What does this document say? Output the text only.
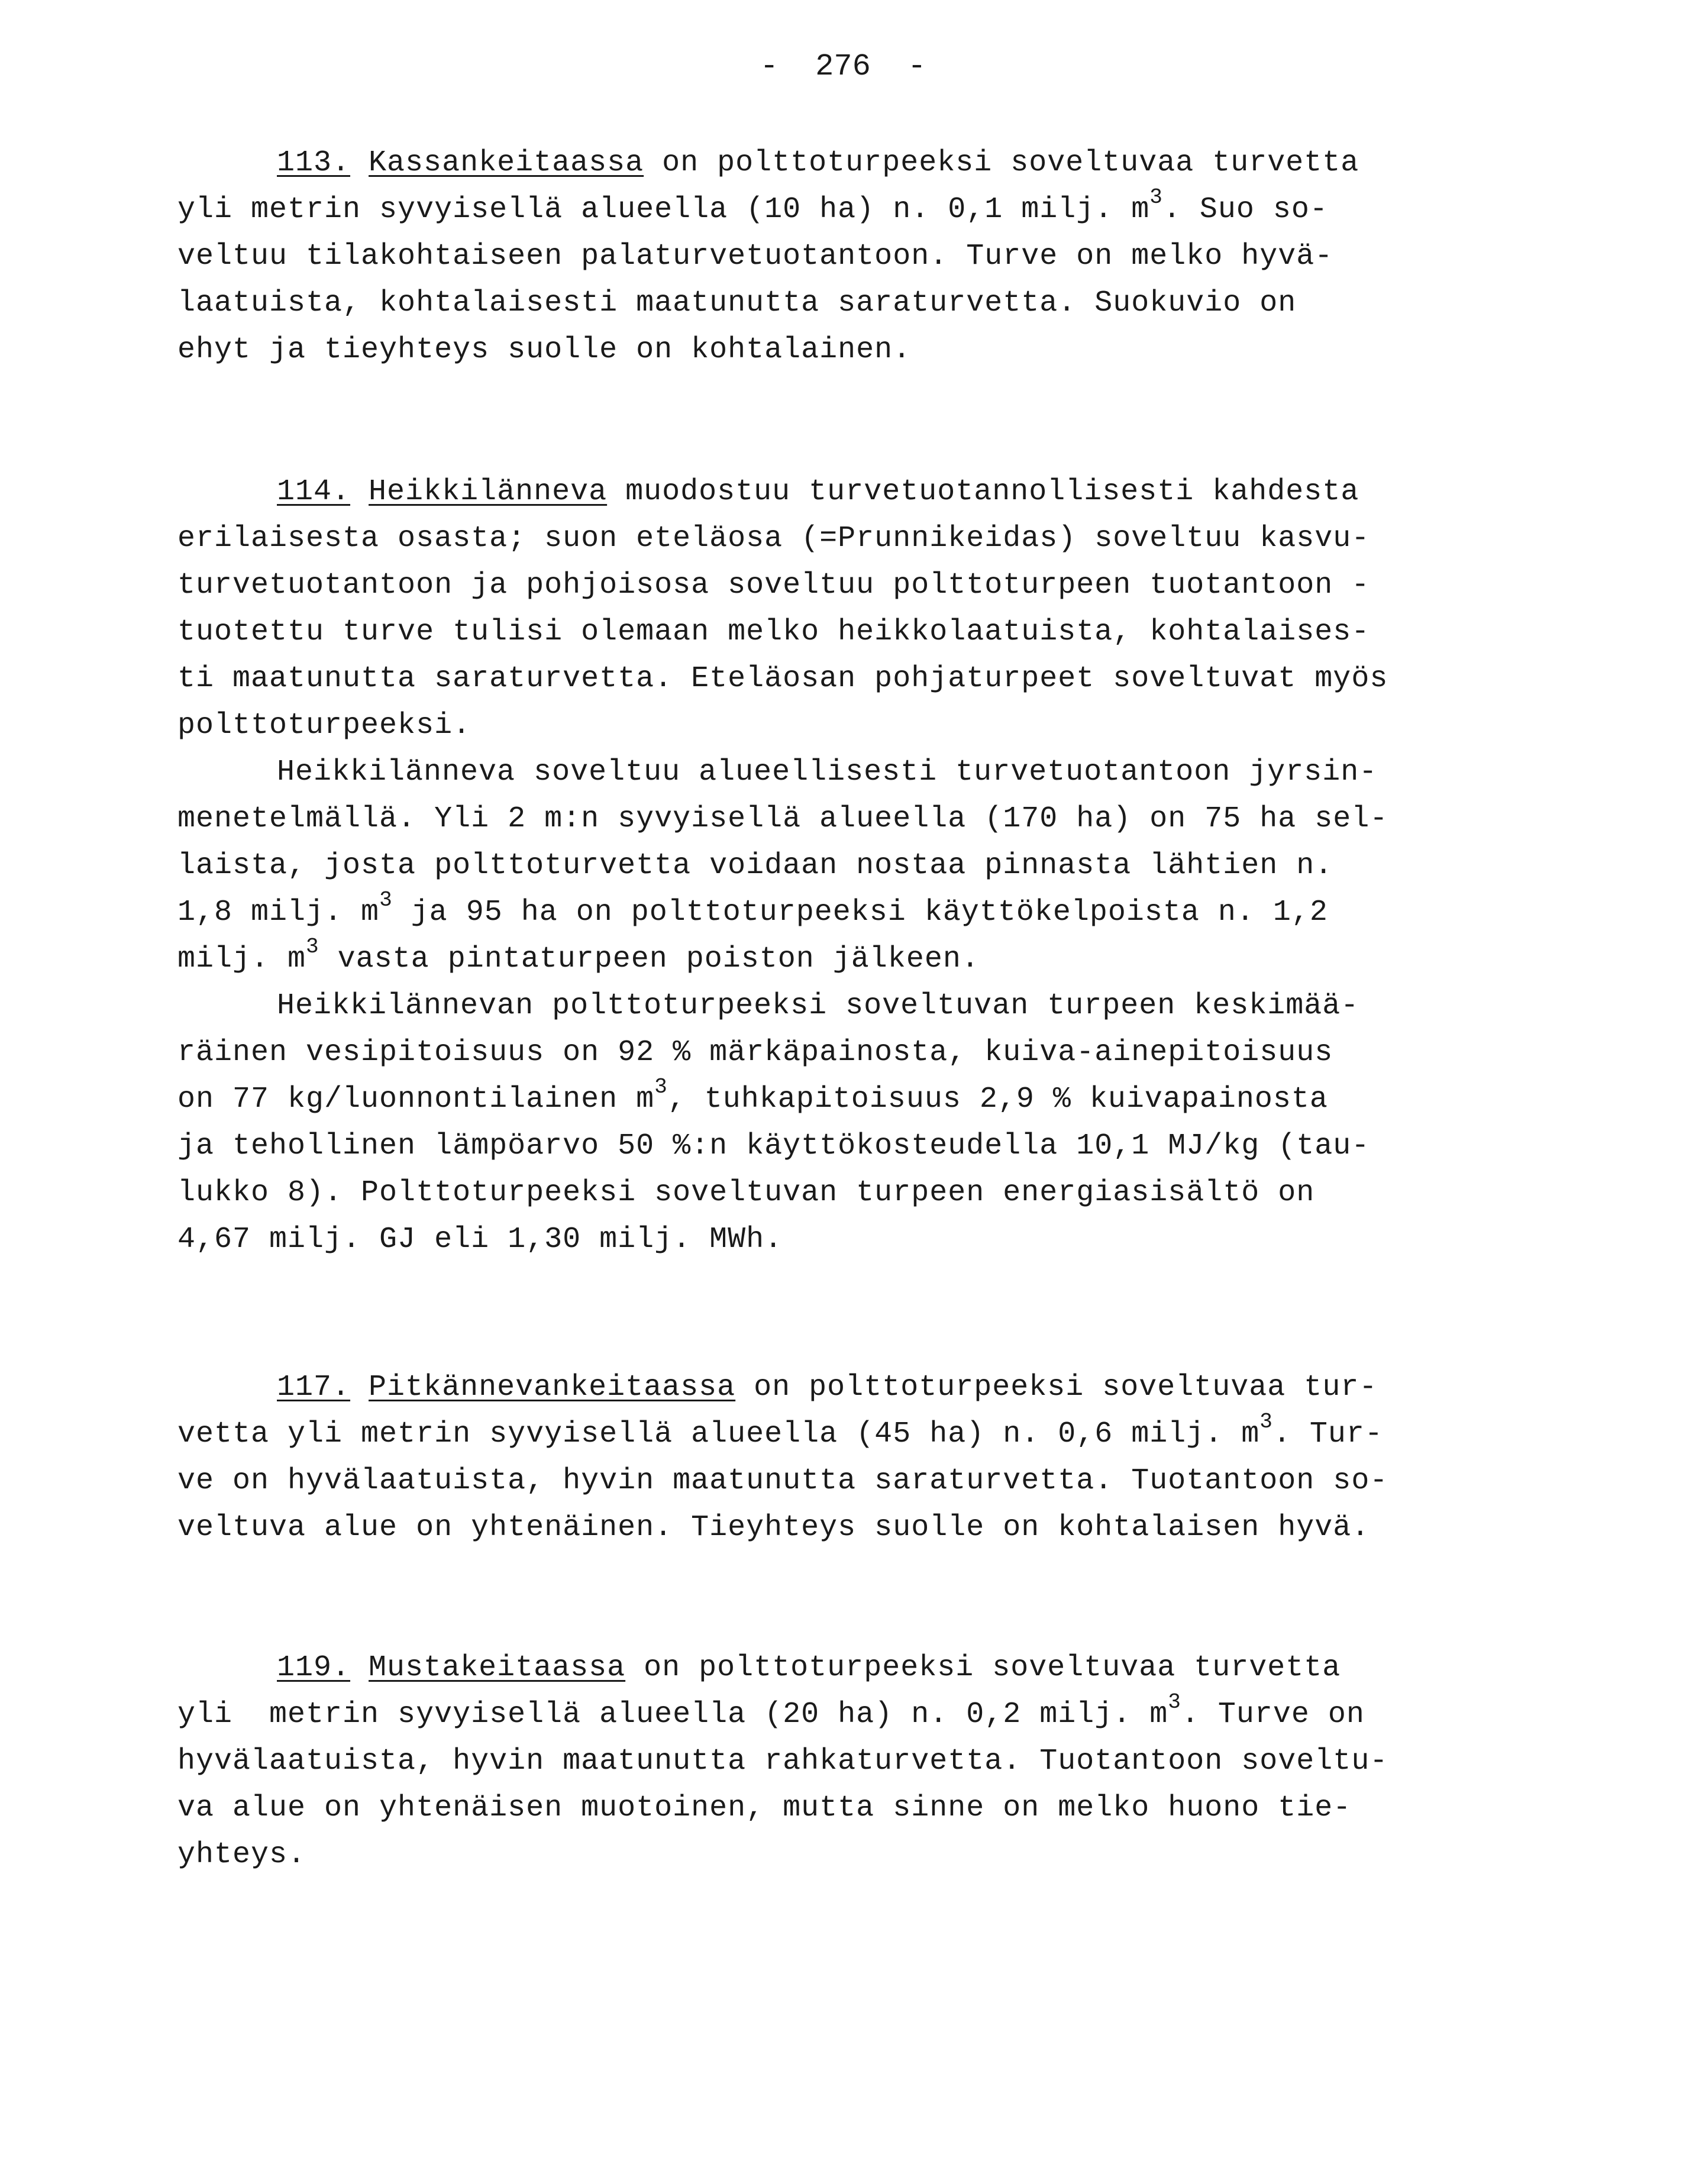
-  276  -
113. Kassankeitaassa on polttoturpeeksi soveltuvaa turvetta
yli metrin syvyisellä alueella (10 ha) n. 0,1 milj. $m^3$. Suo so-
veltuu tilakohtaiseen palaturvetuotantoon. Turve on melko hyvä-
laatuista, kohtalaisesti maatunutta saraturvetta. Suokuvio on
ehyt ja tieyhteys suolle on kohtalainen.
114. Heikkilänneva muodostuu turvetuotannollisesti kahdesta
erilaisesta osasta; suon eteläosa (=Prunnikeidas) soveltuu kasvu-
turvetuotantoon ja pohjoisosa soveltuu polttoturpeen tuotantoon -
tuotettu turve tulisi olemaan melko heikkolaatuista, kohtalaises-
ti maatunutta saraturvetta. Eteläosan pohjaturpeet soveltuvat myös
polttoturpeeksi.
Heikkilänneva soveltuu alueellisesti turvetuotantoon jyrsin-
menetelmällä. Yli 2 m:n syvyisellä alueella (170 ha) on 75 ha sel-
laista, josta polttoturvetta voidaan nostaa pinnasta lähtien n.
1,8 milj. $m^3$ ja 95 ha on polttoturpeeksi käyttökelpoista n. 1,2
milj. $m^3$ vasta pintaturpeen poiston jälkeen.
Heikkilännevan polttoturpeeksi soveltuvan turpeen keskimää-
räinen vesipitoisuus on 92 % märkäpainosta, kuiva-ainepitoisuus
on 77 kg/luonnontilainen $m^3$, tuhkapitoisuus 2,9 % kuivapainosta
ja tehollinen lämpöarvo 50 %:n käyttökosteudella 10,1 MJ/kg (tau-
lukko 8). Polttoturpeeksi soveltuvan turpeen energiasisältö on
4,67 milj. GJ eli 1,30 milj. MWh.
117. Pitkännevankeitaassa on polttoturpeeksi soveltuvaa tur-
vetta yli metrin syvyisellä alueella (45 ha) n. 0,6 milj. $m^3$. Tur-
ve on hyvälaatuista, hyvin maatunutta saraturvetta. Tuotantoon so-
veltuva alue on yhtenäinen. Tieyhteys suolle on kohtalaisen hyvä.
119. Mustakeitaassa on polttoturpeeksi soveltuvaa turvetta
yli  metrin syvyisellä alueella (20 ha) n. 0,2 milj. $m^3$. Turve on
hyvälaatuista, hyvin maatunutta rahkaturvetta. Tuotantoon soveltu-
va alue on yhtenäisen muotoinen, mutta sinne on melko huono tie-
yhteys.
